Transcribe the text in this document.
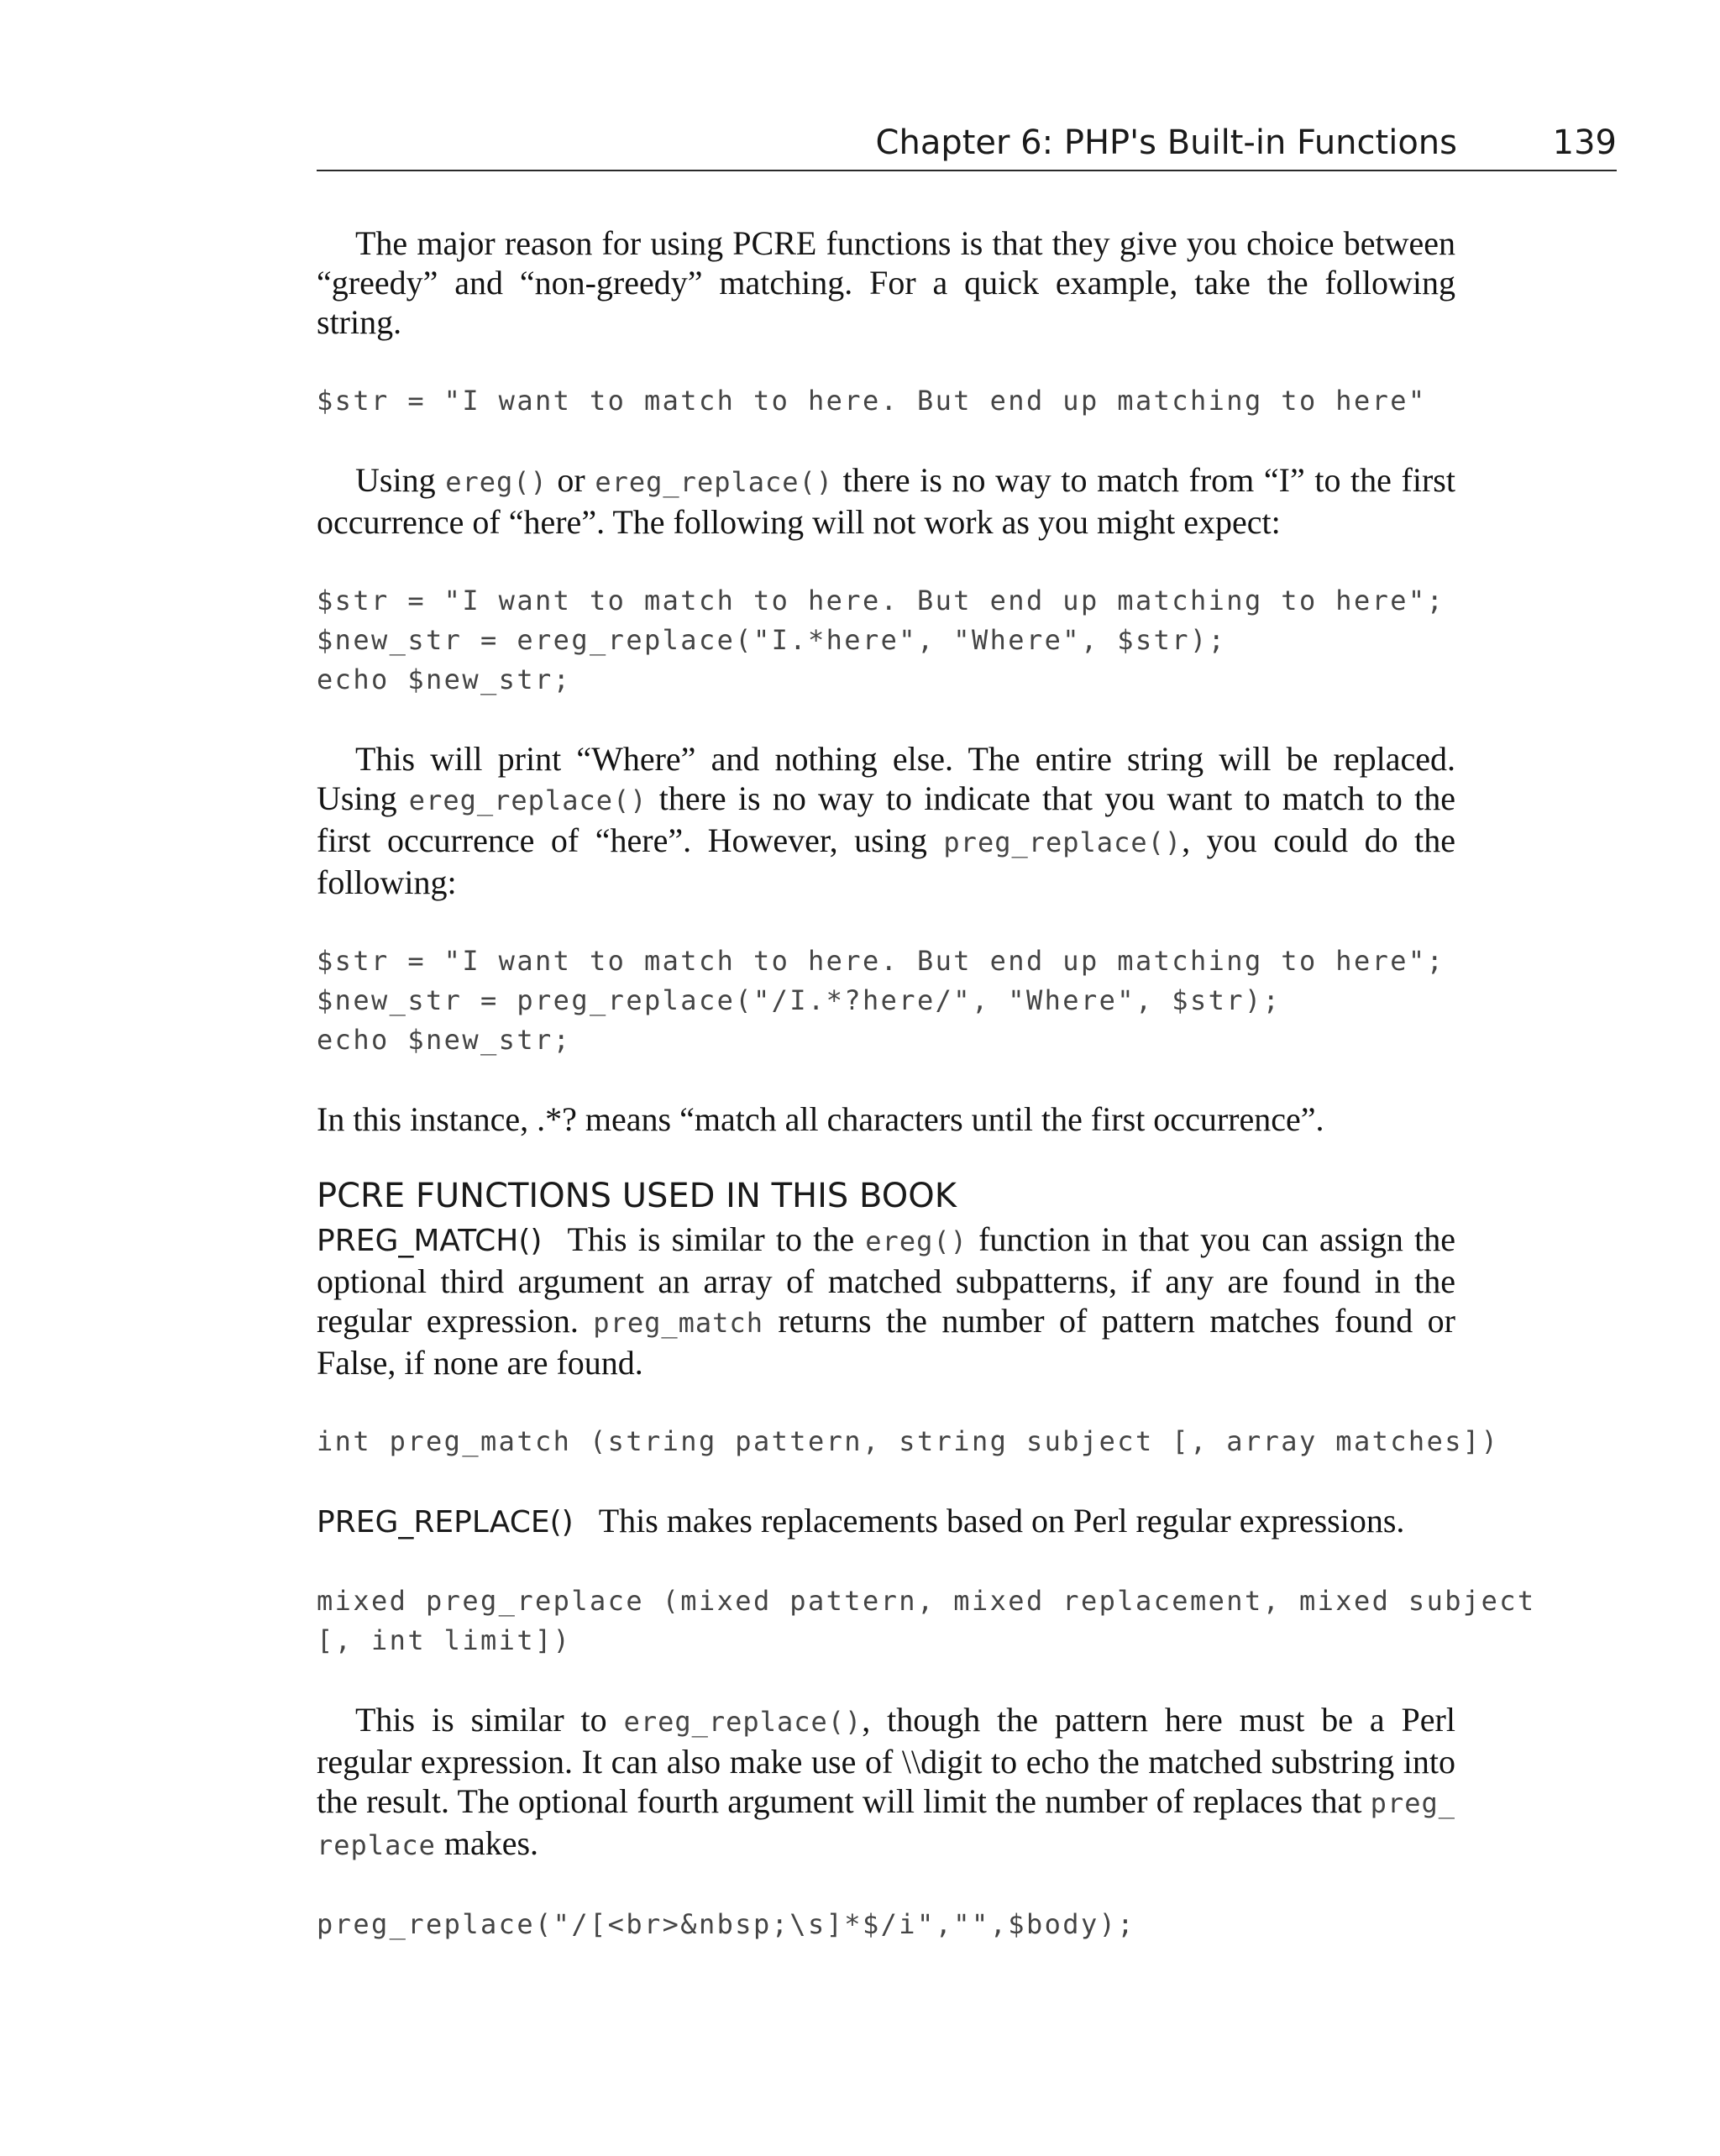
Chapter 6: PHP's Built-in Functions	139

The major reason for using PCRE functions is that they give you choice between “greedy” and “non-greedy” matching. For a quick example, take the following string.

$str = "I want to match to here. But end up matching to here"

Using ereg() or ereg_replace() there is no way to match from “I” to the first occurrence of “here”. The following will not work as you might expect:

$str = "I want to match to here. But end up matching to here";
$new_str = ereg_replace("I.*here", "Where", $str);
echo $new_str;

This will print “Where” and nothing else. The entire string will be replaced. Using ereg_replace() there is no way to indicate that you want to match to the first occurrence of “here”. However, using preg_replace(), you could do the following:

$str = "I want to match to here. But end up matching to here";
$new_str = preg_replace("/I.*?here/", "Where", $str);
echo $new_str;

In this instance, .*? means “match all characters until the first occurrence”.

PCRE FUNCTIONS USED IN THIS BOOK

PREG_MATCH() This is similar to the ereg() function in that you can assign the optional third argument an array of matched subpatterns, if any are found in the regular expression. preg_match returns the number of pattern matches found or False, if none are found.

int preg_match (string pattern, string subject [, array matches])

PREG_REPLACE() This makes replacements based on Perl regular expressions.

mixed preg_replace (mixed pattern, mixed replacement, mixed subject
[, int limit])

This is similar to ereg_replace(), though the pattern here must be a Perl regular expression. It can also make use of \\digit to echo the matched substring into the result. The optional fourth argument will limit the number of replaces that preg_ replace makes.

preg_replace("/[<br>&nbsp;\s]*$/i","",$body);
